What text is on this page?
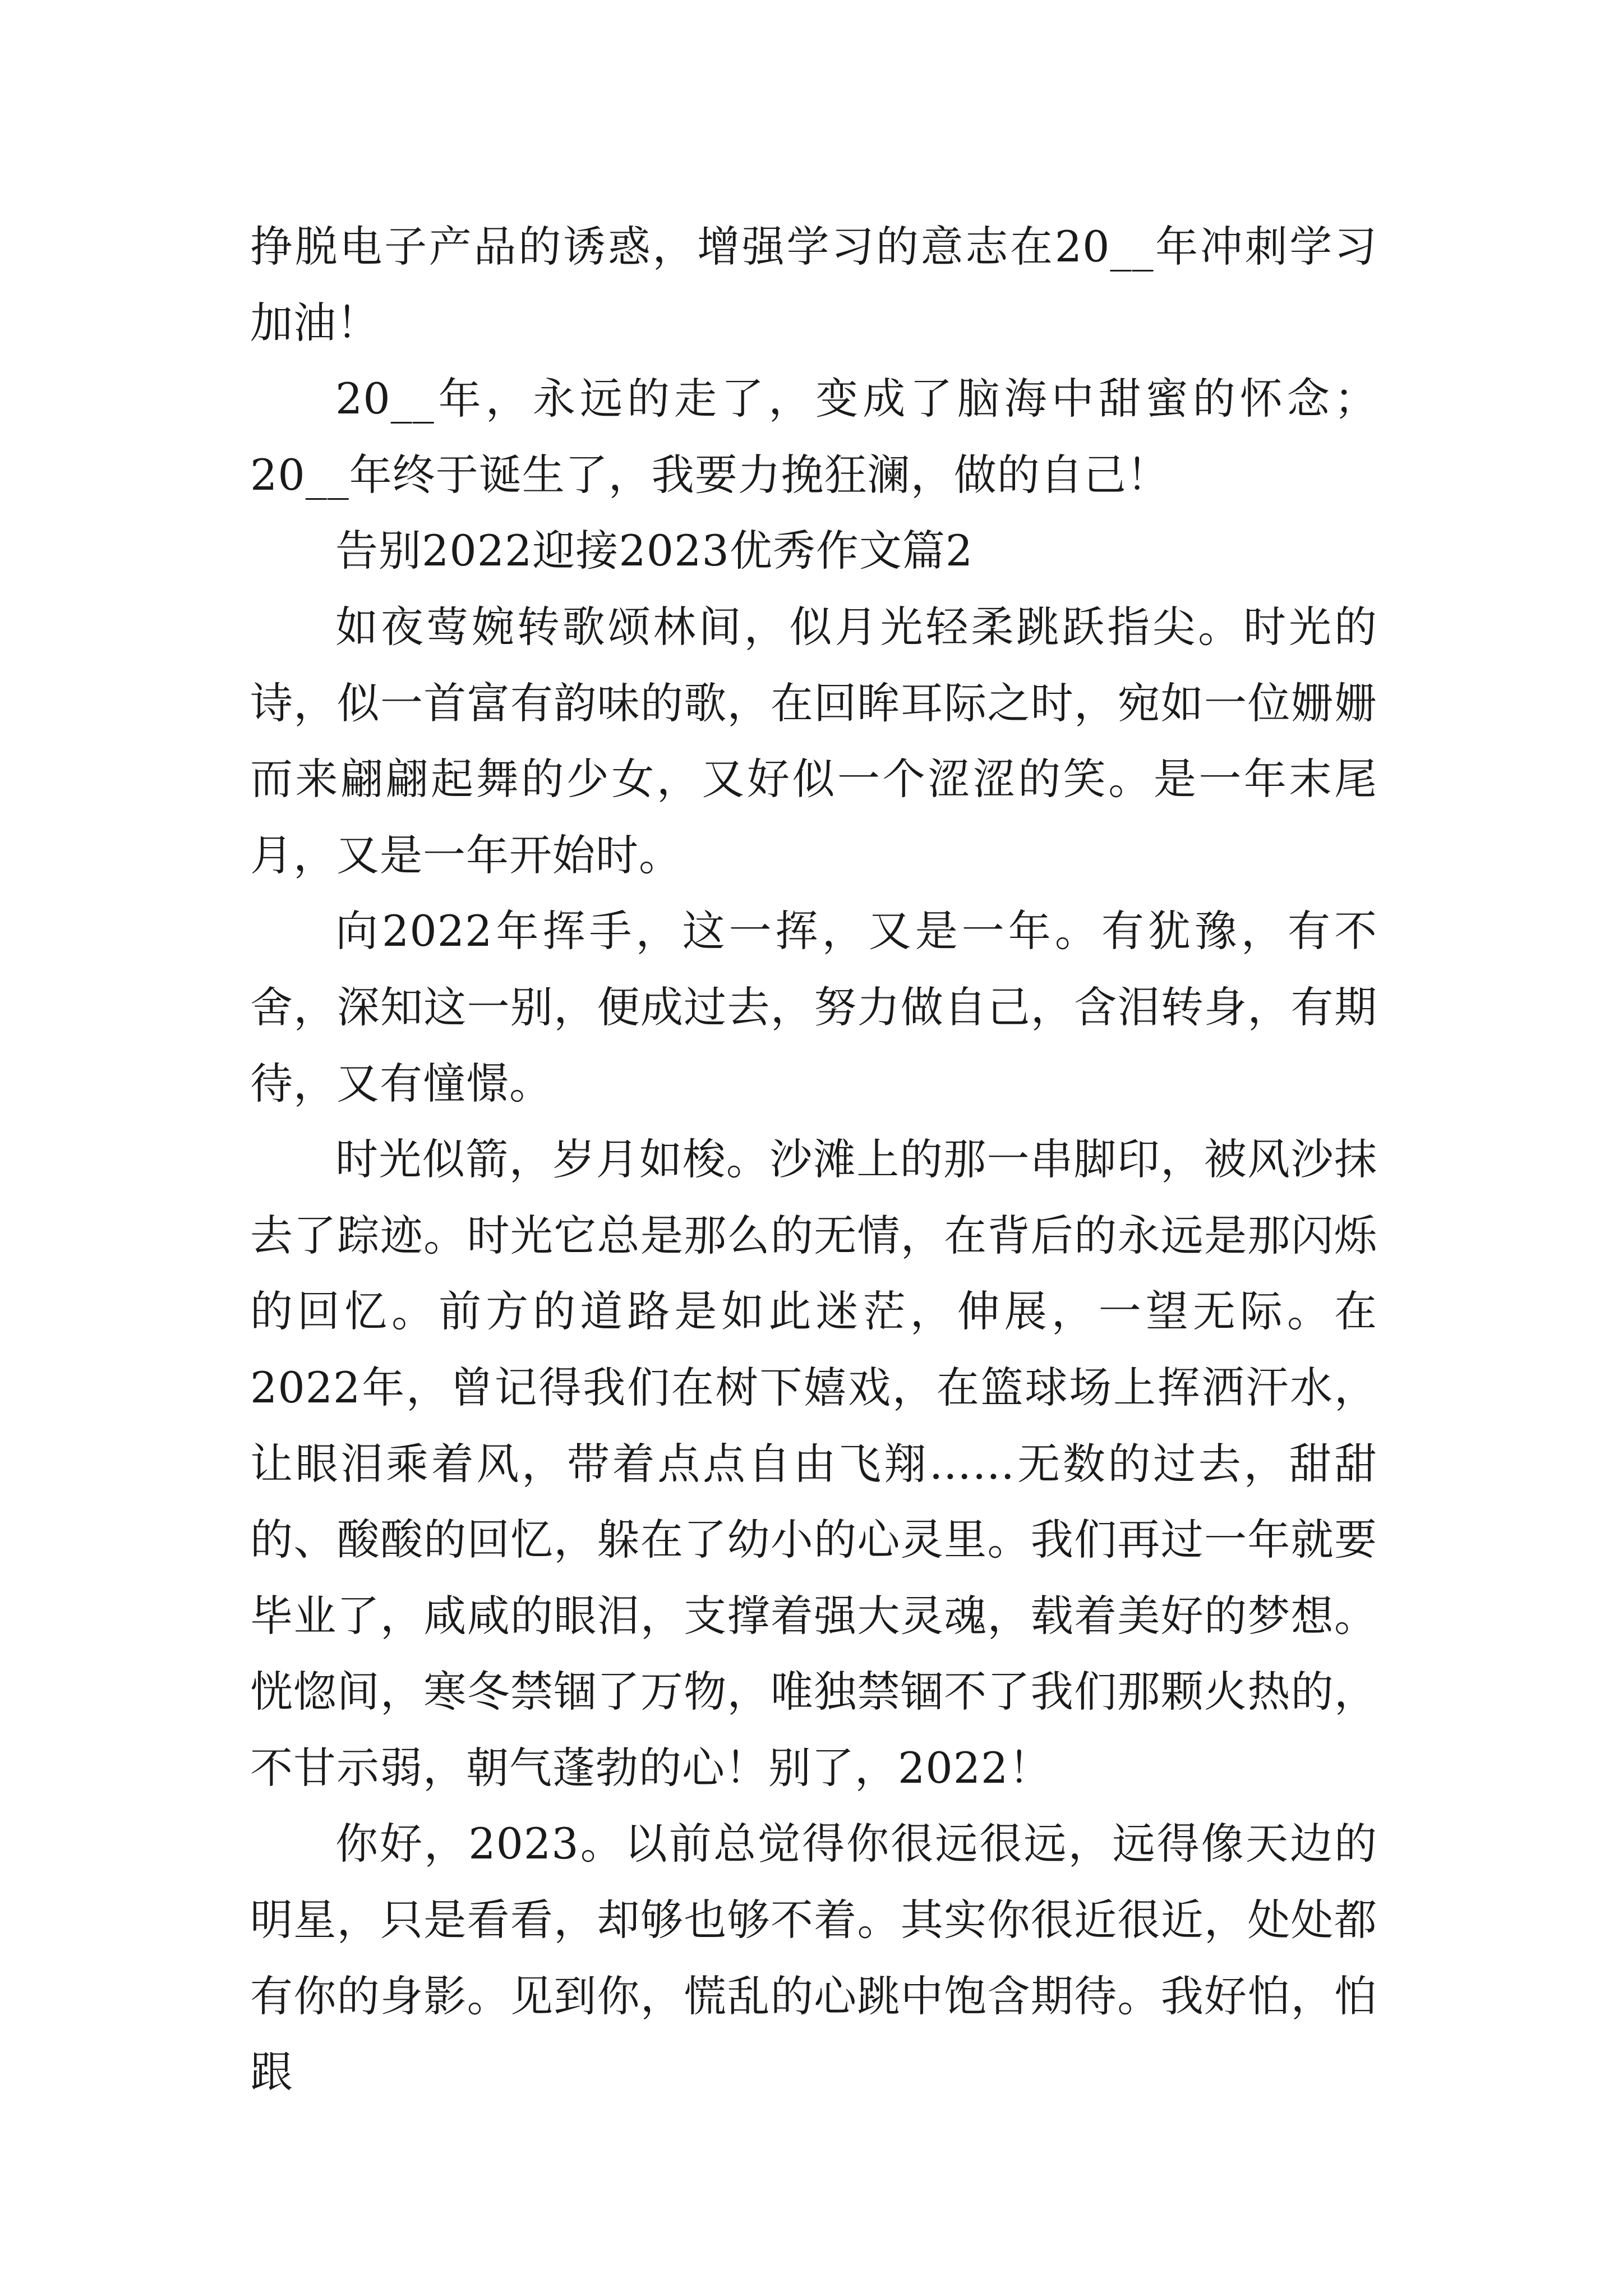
挣脱电子产品的诱惑，增强学习的意志在20__年冲刺学习加油！

20__年，永远的走了，变成了脑海中甜蜜的怀念；20__年终于诞生了，我要力挽狂澜，做的自己！

告别2022迎接2023优秀作文篇2

如夜莺婉转歌颂林间，似月光轻柔跳跃指尖。时光的诗，似一首富有韵味的歌，在回眸耳际之时，宛如一位姗姗而来翩翩起舞的少女，又好似一个涩涩的笑。是一年末尾月，又是一年开始时。

向2022年挥手，这一挥，又是一年。有犹豫，有不舍，深知这一别，便成过去，努力做自己，含泪转身，有期待，又有憧憬。

时光似箭，岁月如梭。沙滩上的那一串脚印，被风沙抹去了踪迹。时光它总是那么的无情，在背后的永远是那闪烁的回忆。前方的道路是如此迷茫，伸展，一望无际。在2022年，曾记得我们在树下嬉戏，在篮球场上挥洒汗水，让眼泪乘着风，带着点点自由飞翔……无数的过去，甜甜的、酸酸的回忆，躲在了幼小的心灵里。我们再过一年就要毕业了，咸咸的眼泪，支撑着强大灵魂，载着美好的梦想。恍惚间，寒冬禁锢了万物，唯独禁锢不了我们那颗火热的，不甘示弱，朝气蓬勃的心！别了，2022！

你好，2023。以前总觉得你很远很远，远得像天边的明星，只是看看，却够也够不着。其实你很近很近，处处都有你的身影。见到你，慌乱的心跳中饱含期待。我好怕，怕跟
